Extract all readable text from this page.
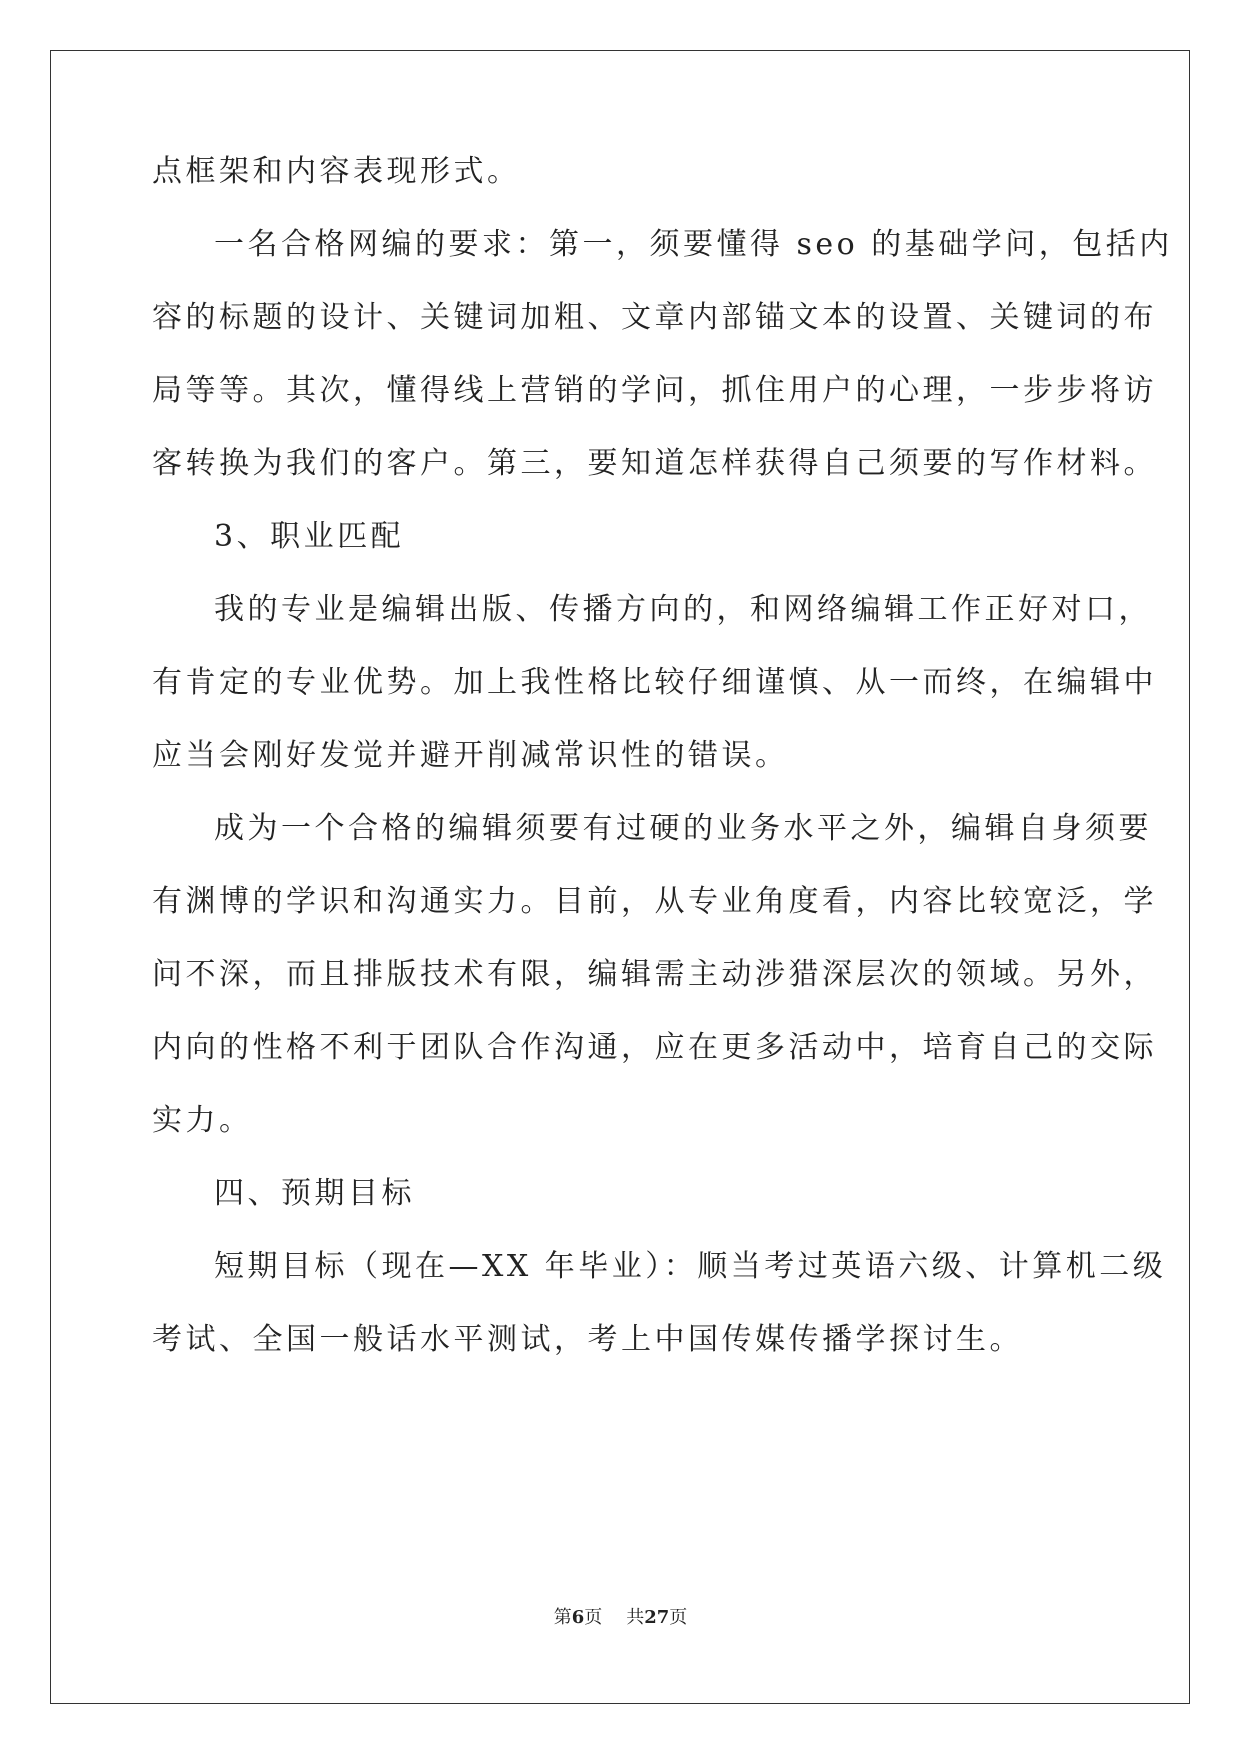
点框架和内容表现形式。
一名合格网编的要求：第一，须要懂得 seo 的基础学问，包括内
容的标题的设计、关键词加粗、文章内部锚文本的设置、关键词的布
局等等。其次，懂得线上营销的学问，抓住用户的心理，一步步将访
客转换为我们的客户。第三，要知道怎样获得自己须要的写作材料。
3、职业匹配
我的专业是编辑出版、传播方向的，和网络编辑工作正好对口，
有肯定的专业优势。加上我性格比较仔细谨慎、从一而终，在编辑中
应当会刚好发觉并避开削减常识性的错误。
成为一个合格的编辑须要有过硬的业务水平之外，编辑自身须要
有渊博的学识和沟通实力。目前，从专业角度看，内容比较宽泛，学
问不深，而且排版技术有限，编辑需主动涉猎深层次的领域。另外，
内向的性格不利于团队合作沟通，应在更多活动中，培育自己的交际
实力。
四、预期目标
短期目标（现在—XX 年毕业）：顺当考过英语六级、计算机二级
考试、全国一般话水平测试，考上中国传媒传播学探讨生。
第6页 共27页
